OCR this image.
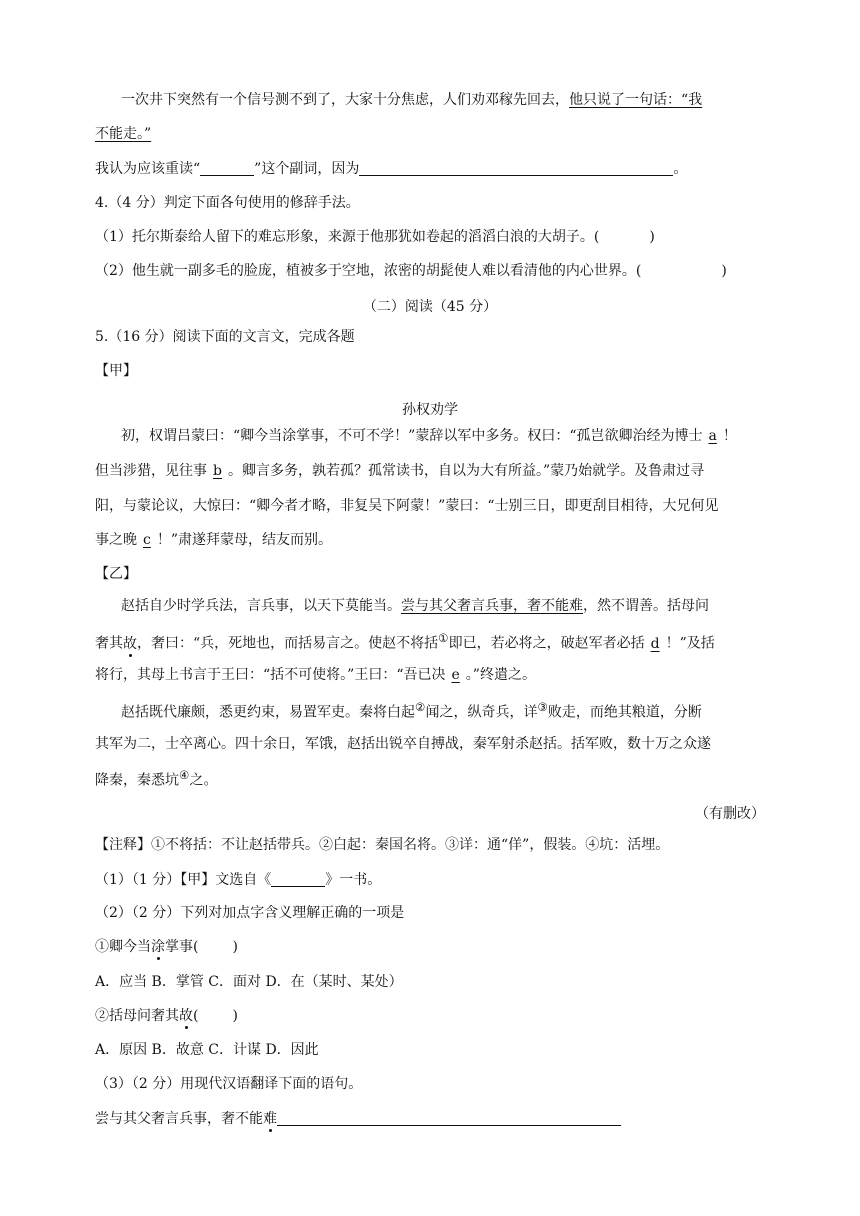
一次井下突然有一个信号测不到了，大家十分焦虑，人们劝邓稼先回去，他只说了一句话：“我
不能走。”
我认为应该重读“	”这个副词，因为	。
4.（4 分）判定下面各句使用的修辞手法。
（1）托尔斯泰给人留下的难忘形象，来源于他那犹如卷起的滔滔白浪的大胡子。(	)
（2）他生就一副多毛的脸庞，植被多于空地，浓密的胡髭使人难以看清他的内心世界。(	)
（二）阅读（45 分）
5.（16 分）阅读下面的文言文，完成各题
【甲】
孙权劝学
初，权谓吕蒙曰：“卿今当涂掌事，不可不学！”蒙辞以军中多务。权曰：“孤岂欲卿治经为博士 a ！
但当涉猎，见往事 b 。卿言多务，孰若孤？孤常读书，自以为大有所益。”蒙乃始就学。及鲁肃过寻
阳，与蒙论议，大惊曰：“卿今者才略，非复吴下阿蒙！”蒙曰：“士别三日，即更刮目相待，大兄何见
事之晚 c ！”肃遂拜蒙母，结友而别。
【乙】
赵括自少时学兵法，言兵事，以天下莫能当。尝与其父奢言兵事，奢不能难，然不谓善。括母问
奢其故，奢曰：“兵，死地也，而括易言之。使赵不将括①即已，若必将之，破赵军者必括 d ！”及括
将行，其母上书言于王曰：“括不可使将。”王曰：“吾已决 e 。”终遣之。
赵括既代廉颇，悉更约束，易置军吏。秦将白起②闻之，纵奇兵，详③败走，而绝其粮道，分断
其军为二，士卒离心。四十余日，军饿，赵括出锐卒自搏战，秦军射杀赵括。括军败，数十万之众遂
降秦，秦悉坑④之。
（有删改）
【注释】①不将括：不让赵括带兵。②白起：秦国名将。③详：通“佯”，假装。④坑：活埋。
（1）（1 分）【甲】文选自《	》一书。
（2）（2 分）下列对加点字含义理解正确的一项是
①卿今当涂掌事( )
A．应当 B．掌管 C．面对 D．在（某时、某处）
②括母问奢其故( )
A．原因 B．故意 C．计谋 D．因此
（3）（2 分）用现代汉语翻译下面的语句。
尝与其父奢言兵事，奢不能难
